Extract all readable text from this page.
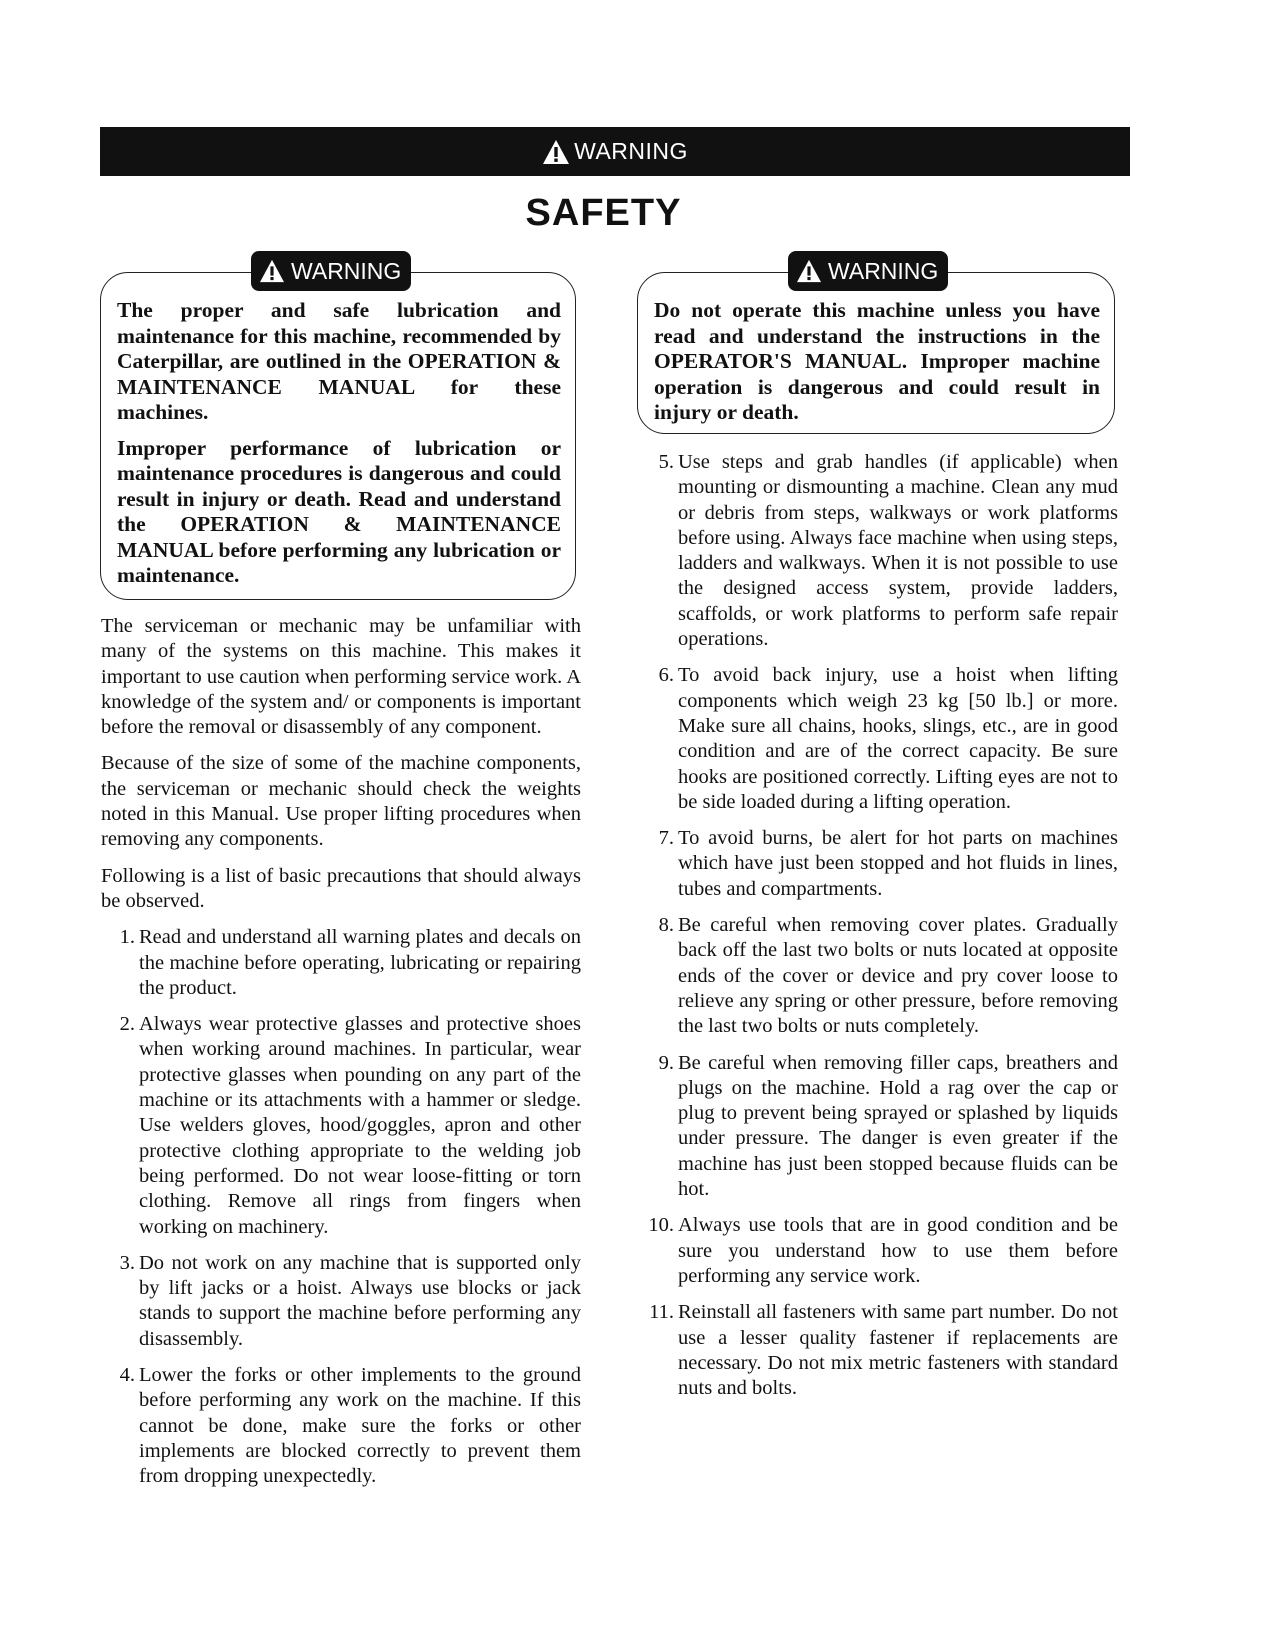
WARNING
SAFETY
WARNING

The proper and safe lubrication and maintenance for this machine, recommended by Caterpillar, are outlined in the OPERATION & MAINTENANCE MANUAL for these machines.

Improper performance of lubrication or maintenance procedures is dangerous and could result in injury or death. Read and understand the OPERATION & MAINTENANCE MANUAL before performing any lubrication or maintenance.

WARNING

Do not operate this machine unless you have read and understand the instructions in the OPERATOR'S MANUAL. Improper machine operation is dangerous and could result in injury or death.

The serviceman or mechanic may be unfamiliar with many of the systems on this machine. This makes it important to use caution when performing service work. A knowledge of the system and/ or components is important before the removal or disassembly of any component.

Because of the size of some of the machine components, the serviceman or mechanic should check the weights noted in this Manual. Use proper lifting procedures when removing any components.

Following is a list of basic precautions that should always be observed.

1. Read and understand all warning plates and decals on the machine before operating, lubricating or repairing the product.
2. Always wear protective glasses and protective shoes when working around machines. In particular, wear protective glasses when pounding on any part of the machine or its attachments with a hammer or sledge. Use welders gloves, hood/goggles, apron and other protective clothing appropriate to the welding job being performed. Do not wear loose-fitting or torn clothing. Remove all rings from fingers when working on machinery.
3. Do not work on any machine that is supported only by lift jacks or a hoist. Always use blocks or jack stands to support the machine before performing any disassembly.
4. Lower the forks or other implements to the ground before performing any work on the machine. If this cannot be done, make sure the forks or other implements are blocked correctly to prevent them from dropping unexpectedly.
5. Use steps and grab handles (if applicable) when mounting or dismounting a machine. Clean any mud or debris from steps, walkways or work platforms before using. Always face machine when using steps, ladders and walkways. When it is not possible to use the designed access system, provide ladders, scaffolds, or work platforms to perform safe repair operations.
6. To avoid back injury, use a hoist when lifting components which weigh 23 kg [50 lb.] or more. Make sure all chains, hooks, slings, etc., are in good condition and are of the correct capacity. Be sure hooks are positioned correctly. Lifting eyes are not to be side loaded during a lifting operation.
7. To avoid burns, be alert for hot parts on machines which have just been stopped and hot fluids in lines, tubes and compartments.
8. Be careful when removing cover plates. Gradually back off the last two bolts or nuts located at opposite ends of the cover or device and pry cover loose to relieve any spring or other pressure, before removing the last two bolts or nuts completely.
9. Be careful when removing filler caps, breathers and plugs on the machine. Hold a rag over the cap or plug to prevent being sprayed or splashed by liquids under pressure. The danger is even greater if the machine has just been stopped because fluids can be hot.
10. Always use tools that are in good condition and be sure you understand how to use them before performing any service work.
11. Reinstall all fasteners with same part number. Do not use a lesser quality fastener if replacements are necessary. Do not mix metric fasteners with standard nuts and bolts.
